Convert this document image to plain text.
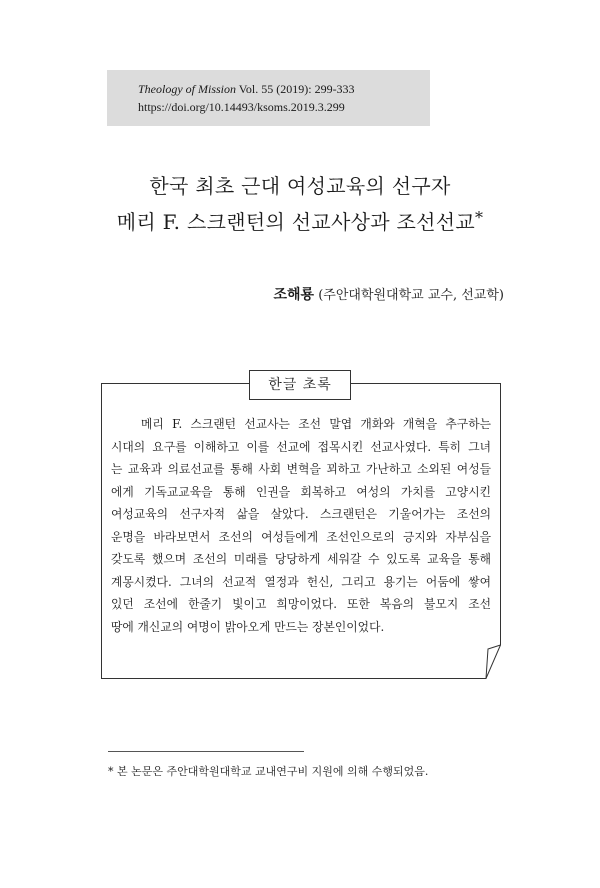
Theology of Mission Vol. 55 (2019): 299-333
https://doi.org/10.14493/ksoms.2019.3.299
한국 최초 근대 여성교육의 선구자
메리 F. 스크랜턴의 선교사상과 조선선교*
조해룡 (주안대학원대학교 교수, 선교학)
한글 초록
메리 F. 스크랜턴 선교사는 조선 말엽 개화와 개혁을 추구하는
시대의 요구를 이해하고 이를 선교에 접목시킨 선교사였다. 특히 그녀
는 교육과 의료선교를 통해 사회 변혁을 꾀하고 가난하고 소외된 여성들
에게 기독교교육을 통해 인권을 회복하고 여성의 가치를 고양시킨
여성교육의 선구자적 삶을 살았다. 스크랜턴은 기울어가는 조선의
운명을 바라보면서 조선의 여성들에게 조선인으로의 긍지와 자부심을
갖도록 했으며 조선의 미래를 당당하게 세워갈 수 있도록 교육을 통해
계몽시켰다. 그녀의 선교적 열정과 헌신, 그리고 용기는 어둠에 쌓여
있던 조선에 한줄기 빛이고 희망이었다. 또한 복음의 불모지 조선
땅에 개신교의 여명이 밝아오게 만드는 장본인이었다.
* 본 논문은 주안대학원대학교 교내연구비 지원에 의해 수행되었음.
